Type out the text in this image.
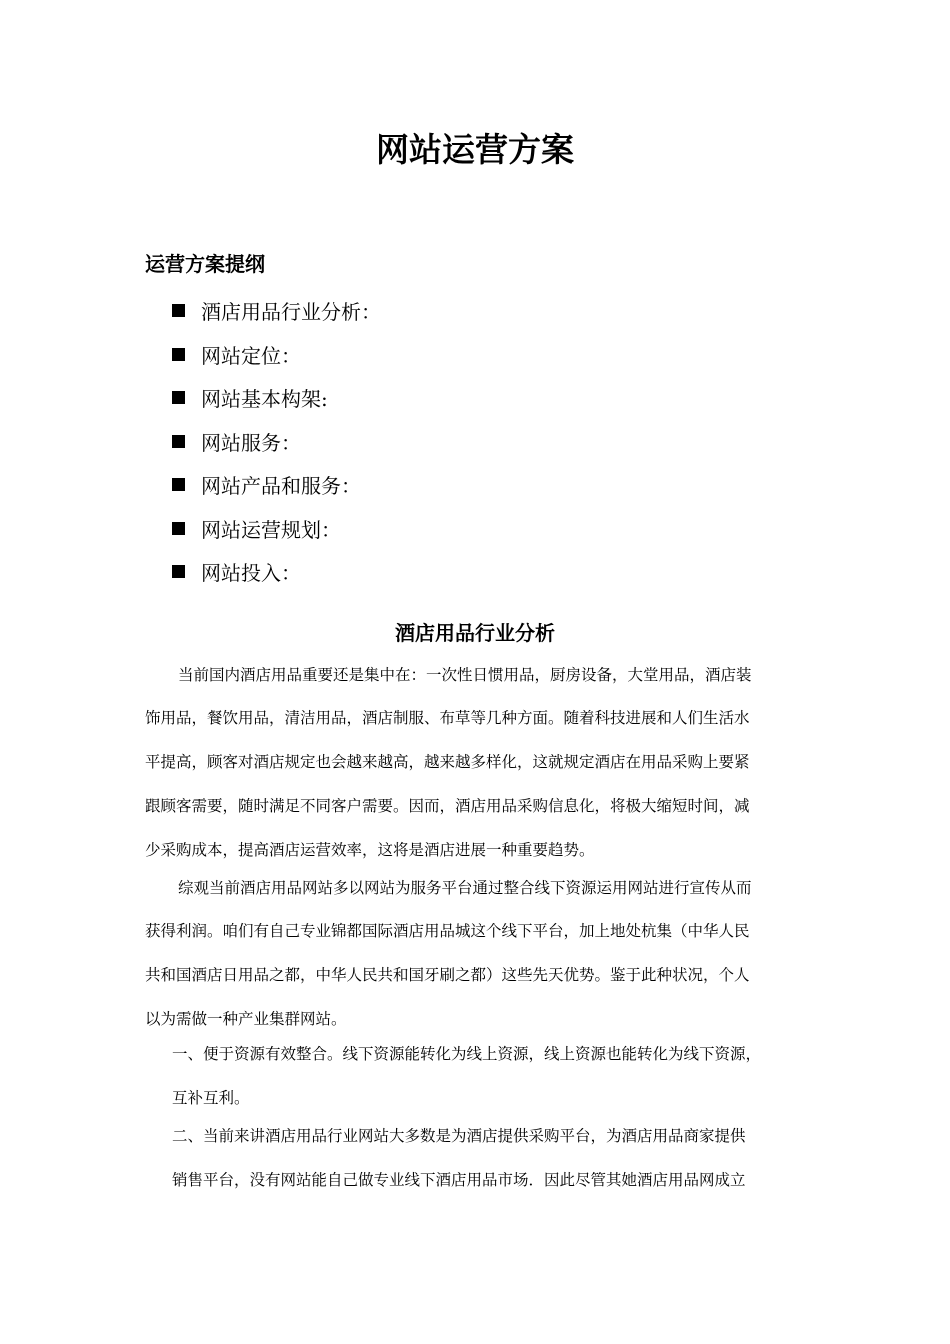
网站运营方案
运营方案提纲
酒店用品行业分析：
网站定位：
网站基本构架:
网站服务：
网站产品和服务：
网站运营规划：
网站投入：
酒店用品行业分析
当前国内酒店用品重要还是集中在：一次性日惯用品，厨房设备，大堂用品，酒店装
饰用品，餐饮用品，清洁用品，酒店制服、布草等几种方面。随着科技进展和人们生活水
平提高，顾客对酒店规定也会越来越高，越来越多样化，这就规定酒店在用品采购上要紧
跟顾客需要，随时满足不同客户需要。因而，酒店用品采购信息化，将极大缩短时间，减
少采购成本，提高酒店运营效率，这将是酒店进展一种重要趋势。
综观当前酒店用品网站多以网站为服务平台通过整合线下资源运用网站进行宣传从而
获得利润。咱们有自己专业锦都国际酒店用品城这个线下平台，加上地处杭集（中华人民
共和国酒店日用品之都，中华人民共和国牙刷之都）这些先天优势。鉴于此种状况，个人
以为需做一种产业集群网站。
一、便于资源有效整合。线下资源能转化为线上资源，线上资源也能转化为线下资源，
互补互利。
二、当前来讲酒店用品行业网站大多数是为酒店提供采购平台，为酒店用品商家提供
销售平台，没有网站能自己做专业线下酒店用品市场．因此尽管其她酒店用品网成立
